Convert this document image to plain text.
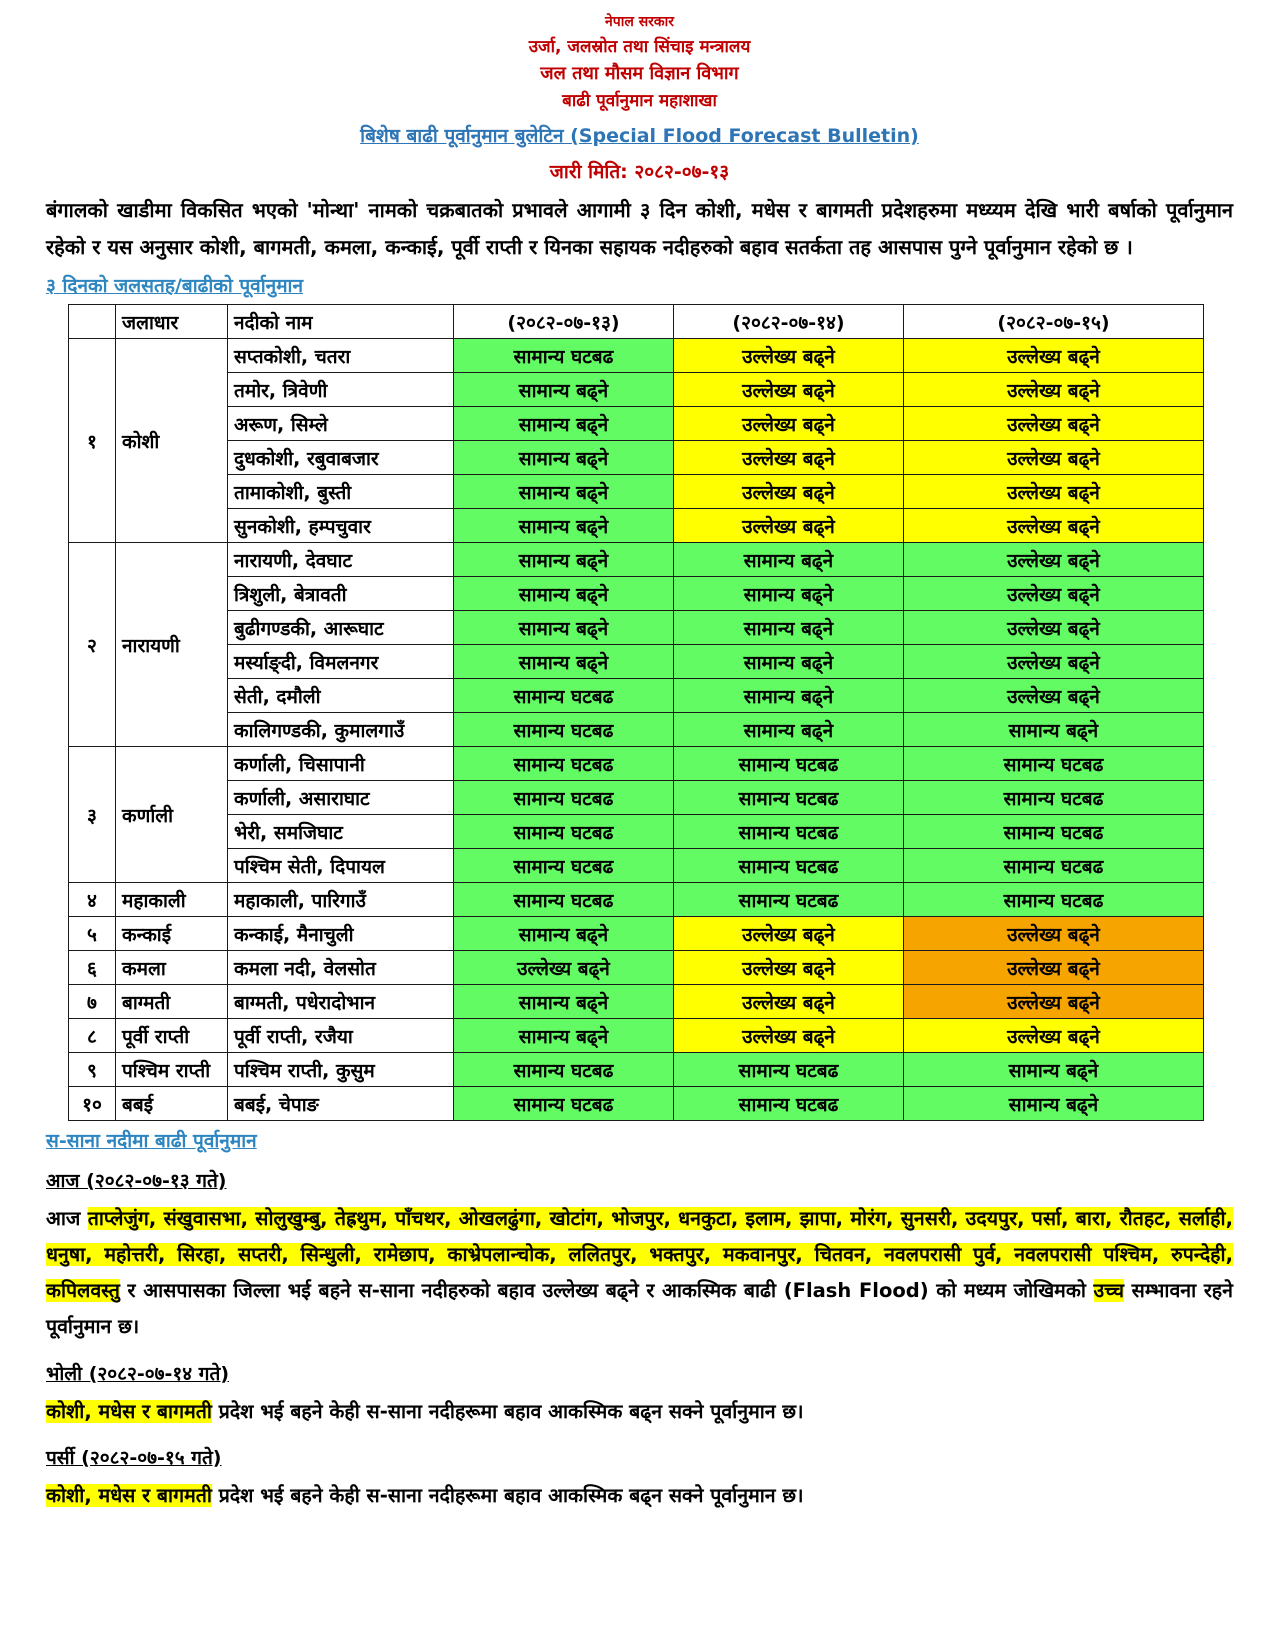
नेपाल सरकार
उर्जा, जलस्रोत तथा सिंचाइ मन्त्रालय
जल तथा मौसम विज्ञान विभाग
बाढी पूर्वानुमान महाशाखा
बिशेष बाढी पूर्वानुमान बुलेटिन (Special Flood Forecast Bulletin)
जारी मिति: २०८२-०७-१३
बंगालको खाडीमा विकसित भएको 'मोन्था' नामको चक्रबातको प्रभावले आगामी ३ दिन कोशी, मधेस र बागमती प्रदेशहरुमा मध्य्यम देखि भारी बर्षाको पूर्वानुमान रहेको र यस अनुसार कोशी, बागमती, कमला, कन्काई, पूर्वी राप्ती र यिनका सहायक नदीहरुको बहाव सतर्कता तह आसपास पुग्ने पूर्वानुमान रहेको छ ।
३ दिनको जलसतह/बाढीको पूर्वानुमान
	जलाधार	नदीको नाम	(२०८२-०७-१३)	(२०८२-०७-१४)	(२०८२-०७-१५)
१	कोशी	सप्तकोशी, चतरा	सामान्य घटबढ	उल्लेख्य बढ्ने	उल्लेख्य बढ्ने
		तमोर, त्रिवेणी	सामान्य बढ्ने	उल्लेख्य बढ्ने	उल्लेख्य बढ्ने
		अरूण, सिम्ले	सामान्य बढ्ने	उल्लेख्य बढ्ने	उल्लेख्य बढ्ने
		दुधकोशी, रबुवाबजार	सामान्य बढ्ने	उल्लेख्य बढ्ने	उल्लेख्य बढ्ने
		तामाकोशी, बुस्ती	सामान्य बढ्ने	उल्लेख्य बढ्ने	उल्लेख्य बढ्ने
		सुनकोशी, हम्पचुवार	सामान्य बढ्ने	उल्लेख्य बढ्ने	उल्लेख्य बढ्ने
२	नारायणी	नारायणी, देवघाट	सामान्य बढ्ने	सामान्य बढ्ने	उल्लेख्य बढ्ने
		त्रिशुली, बेत्रावती	सामान्य बढ्ने	सामान्य बढ्ने	उल्लेख्य बढ्ने
		बुढीगण्डकी, आरूघाट	सामान्य बढ्ने	सामान्य बढ्ने	उल्लेख्य बढ्ने
		मर्स्याङ्दी, विमलनगर	सामान्य बढ्ने	सामान्य बढ्ने	उल्लेख्य बढ्ने
		सेती, दमौली	सामान्य घटबढ	सामान्य बढ्ने	उल्लेख्य बढ्ने
		कालिगण्डकी, कुमालगाउँ	सामान्य घटबढ	सामान्य बढ्ने	सामान्य बढ्ने
३	कर्णाली	कर्णाली, चिसापानी	सामान्य घटबढ	सामान्य घटबढ	सामान्य घटबढ
		कर्णाली, असाराघाट	सामान्य घटबढ	सामान्य घटबढ	सामान्य घटबढ
		भेरी, समजिघाट	सामान्य घटबढ	सामान्य घटबढ	सामान्य घटबढ
		पश्चिम सेती, दिपायल	सामान्य घटबढ	सामान्य घटबढ	सामान्य घटबढ
४	महाकाली	महाकाली, पारिगाउँ	सामान्य घटबढ	सामान्य घटबढ	सामान्य घटबढ
५	कन्काई	कन्काई, मैनाचुली	सामान्य बढ्ने	उल्लेख्य बढ्ने	उल्लेख्य बढ्ने
६	कमला	कमला नदी, वेलसोत	उल्लेख्य बढ्ने	उल्लेख्य बढ्ने	उल्लेख्य बढ्ने
७	बाग्मती	बाग्मती, पधेरादोभान	सामान्य बढ्ने	उल्लेख्य बढ्ने	उल्लेख्य बढ्ने
८	पूर्वी राप्ती	पूर्वी राप्ती, रजैया	सामान्य बढ्ने	उल्लेख्य बढ्ने	उल्लेख्य बढ्ने
९	पश्चिम राप्ती	पश्चिम राप्ती, कुसुम	सामान्य घटबढ	सामान्य घटबढ	सामान्य बढ्ने
१०	बबई	बबई, चेपाङ	सामान्य घटबढ	सामान्य घटबढ	सामान्य बढ्ने
स-साना नदीमा बाढी पूर्वानुमान
आज (२०८२-०७-१३ गते)
आज ताप्लेजुंग, संखुवासभा, सोलुखुम्बु, तेह्रथुम, पाँचथर, ओखलढुंगा, खोटांग, भोजपुर, धनकुटा, इलाम, झापा, मोरंग, सुनसरी, उदयपुर, पर्सा, बारा, रौतहट, सर्लाही, धनुषा, महोत्तरी, सिरहा, सप्तरी, सिन्धुली, रामेछाप, काभ्रेपलान्चोक, ललितपुर, भक्तपुर, मकवानपुर, चितवन, नवलपरासी पुर्व, नवलपरासी पश्चिम, रुपन्देही, कपिलवस्तु र आसपासका जिल्ला भई बहने स-साना नदीहरुको बहाव उल्लेख्य बढ्ने र आकस्मिक बाढी (Flash Flood) को मध्यम जोखिमको उच्च सम्भावना रहने पूर्वानुमान छ।
भोली (२०८२-०७-१४ गते)
कोशी, मधेस र बागमती प्रदेश भई बहने केही स-साना नदीहरूमा बहाव आकस्मिक बढ्न सक्ने पूर्वानुमान छ।
पर्सी (२०८२-०७-१५ गते)
कोशी, मधेस र बागमती प्रदेश भई बहने केही स-साना नदीहरूमा बहाव आकस्मिक बढ्न सक्ने पूर्वानुमान छ।
